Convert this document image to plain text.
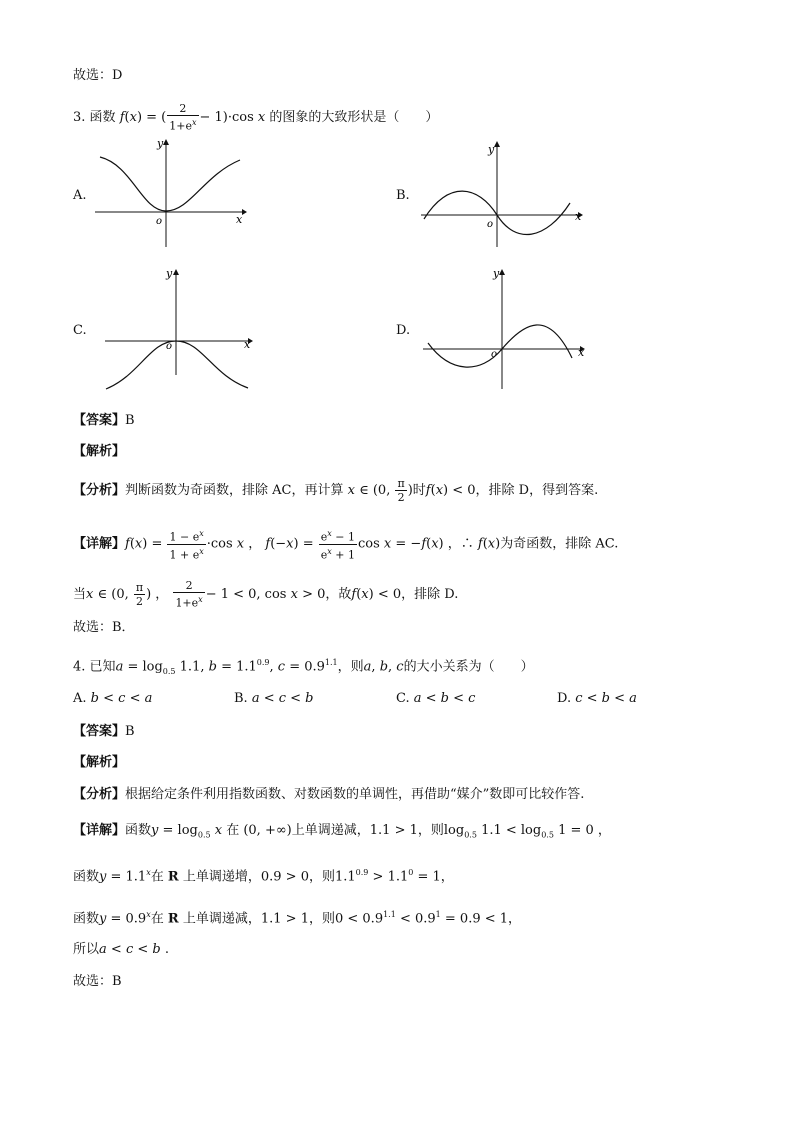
故选：D
3. 函数 f(x) = ( $\frac{2}{1+e^x} - 1)\cdot\cos$ x 的图象的大致形状是（　　）
A.	B.
C.	D.
y
x
o
y
x
o
y
x
o
y
x
o
【答案】B
【解析】
【分析】判断函数为奇函数，排除 AC，再计算 x ∈ (0, $\frac{\pi}{2}$ )时f(x) < 0，排除 D，得到答案.
【详解】$f(x) = \frac{1 - e^x}{1 + e^x} \cdot\cos$ x ， $f(-x) = \frac{e^x - 1}{e^x + 1}$ cos x = −f(x) ，∴ f(x)为奇函数，排除 AC.
当x ∈ (0, $\frac{\pi}{2}$ ) ， $\frac{2}{1+e^x} - 1 < 0$, cos x > 0，故f(x) < 0，排除 D.
故选：B．
4. 已知$a = \log_{0.5} 1.1$, $b = 1.1^{0.9}$, $c = 0.9^{1.1}$，则a, b, c的大小关系为（　　）
A. b < c < a	B. a < c < b	C. a < b < c	D. c < b < a
【答案】B
【解析】
【分析】根据给定条件利用指数函数、对数函数的单调性，再借助“媒介”数即可比较作答.
【详解】函数$y = \log_{0.5} x$ 在 (0, +∞)上单调递减，1.1 > 1，则$\log_{0.5} 1.1 < \log_{0.5} 1 = 0$ ，
函数$y = 1.1^x$在 R 上单调递增，0.9 > 0，则$1.1^{0.9} > 1.1^0 = 1$，
函数$y = 0.9^x$在 R 上单调递减，1.1 > 1，则$0 < 0.9^{1.1} < 0.9^1 = 0.9 < 1$，
所以a < c < b .
故选：B
